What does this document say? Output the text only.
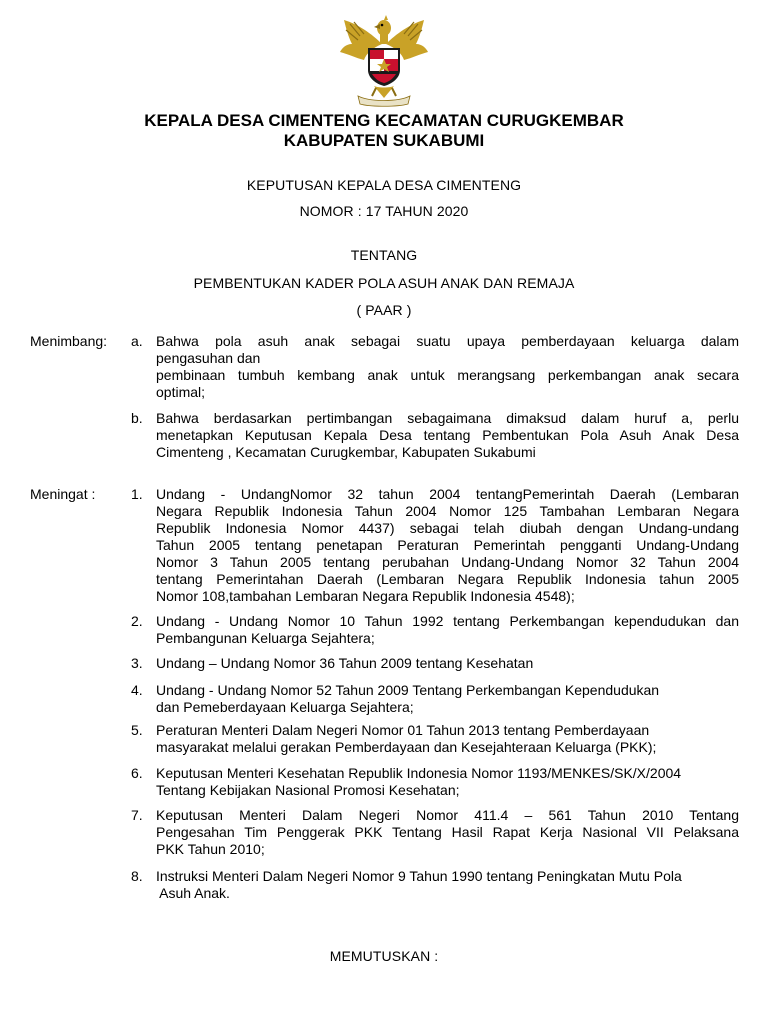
KEPALA DESA CIMENTENG KECAMATAN CURUGKEMBAR
KABUPATEN SUKABUMI
KEPUTUSAN KEPALA DESA CIMENTENG
NOMOR : 17 TAHUN 2020
TENTANG
PEMBENTUKAN KADER POLA ASUH ANAK DAN REMAJA
( PAAR )
Menimbang: a. Bahwa pola asuh anak sebagai suatu upaya pemberdayaan keluarga dalam
pengasuhan dan
pembinaan tumbuh kembang anak untuk merangsang perkembangan anak secara
optimal;
b. Bahwa berdasarkan pertimbangan sebagaimana dimaksud dalam huruf a, perlu
menetapkan Keputusan Kepala Desa tentang Pembentukan Pola Asuh Anak Desa
Cimenteng , Kecamatan Curugkembar, Kabupaten Sukabumi
Meningat :	1. Undang - UndangNomor 32 tahun 2004 tentangPemerintah Daerah (Lembaran
Negara Republik Indonesia Tahun 2004 Nomor 125 Tambahan Lembaran Negara
Republik Indonesia Nomor 4437) sebagai telah diubah dengan Undang-undang
Tahun 2005 tentang penetapan Peraturan Pemerintah pengganti Undang-Undang
Nomor 3 Tahun 2005 tentang perubahan Undang-Undang Nomor 32 Tahun 2004
tentang Pemerintahan Daerah (Lembaran Negara Republik Indonesia tahun 2005
Nomor 108,tambahan Lembaran Negara Republik Indonesia 4548);
2. Undang - Undang Nomor 10 Tahun 1992 tentang Perkembangan kependudukan dan
Pembangunan Keluarga Sejahtera;
3. Undang – Undang Nomor 36 Tahun 2009 tentang Kesehatan
4. Undang - Undang Nomor 52 Tahun 2009 Tentang Perkembangan Kependudukan
dan Pemeberdayaan Keluarga Sejahtera;
5. Peraturan Menteri Dalam Negeri Nomor 01 Tahun 2013 tentang Pemberdayaan
masyarakat melalui gerakan Pemberdayaan dan Kesejahteraan Keluarga (PKK);
6. Keputusan Menteri Kesehatan Republik Indonesia Nomor 1193/MENKES/SK/X/2004
Tentang Kebijakan Nasional Promosi Kesehatan;
7. Keputusan Menteri Dalam Negeri Nomor 411.4 – 561 Tahun 2010 Tentang
Pengesahan Tim Penggerak PKK Tentang Hasil Rapat Kerja Nasional VII Pelaksana
PKK Tahun 2010;
8. Instruksi Menteri Dalam Negeri Nomor 9 Tahun 1990 tentang Peningkatan Mutu Pola
Asuh Anak.
MEMUTUSKAN :
